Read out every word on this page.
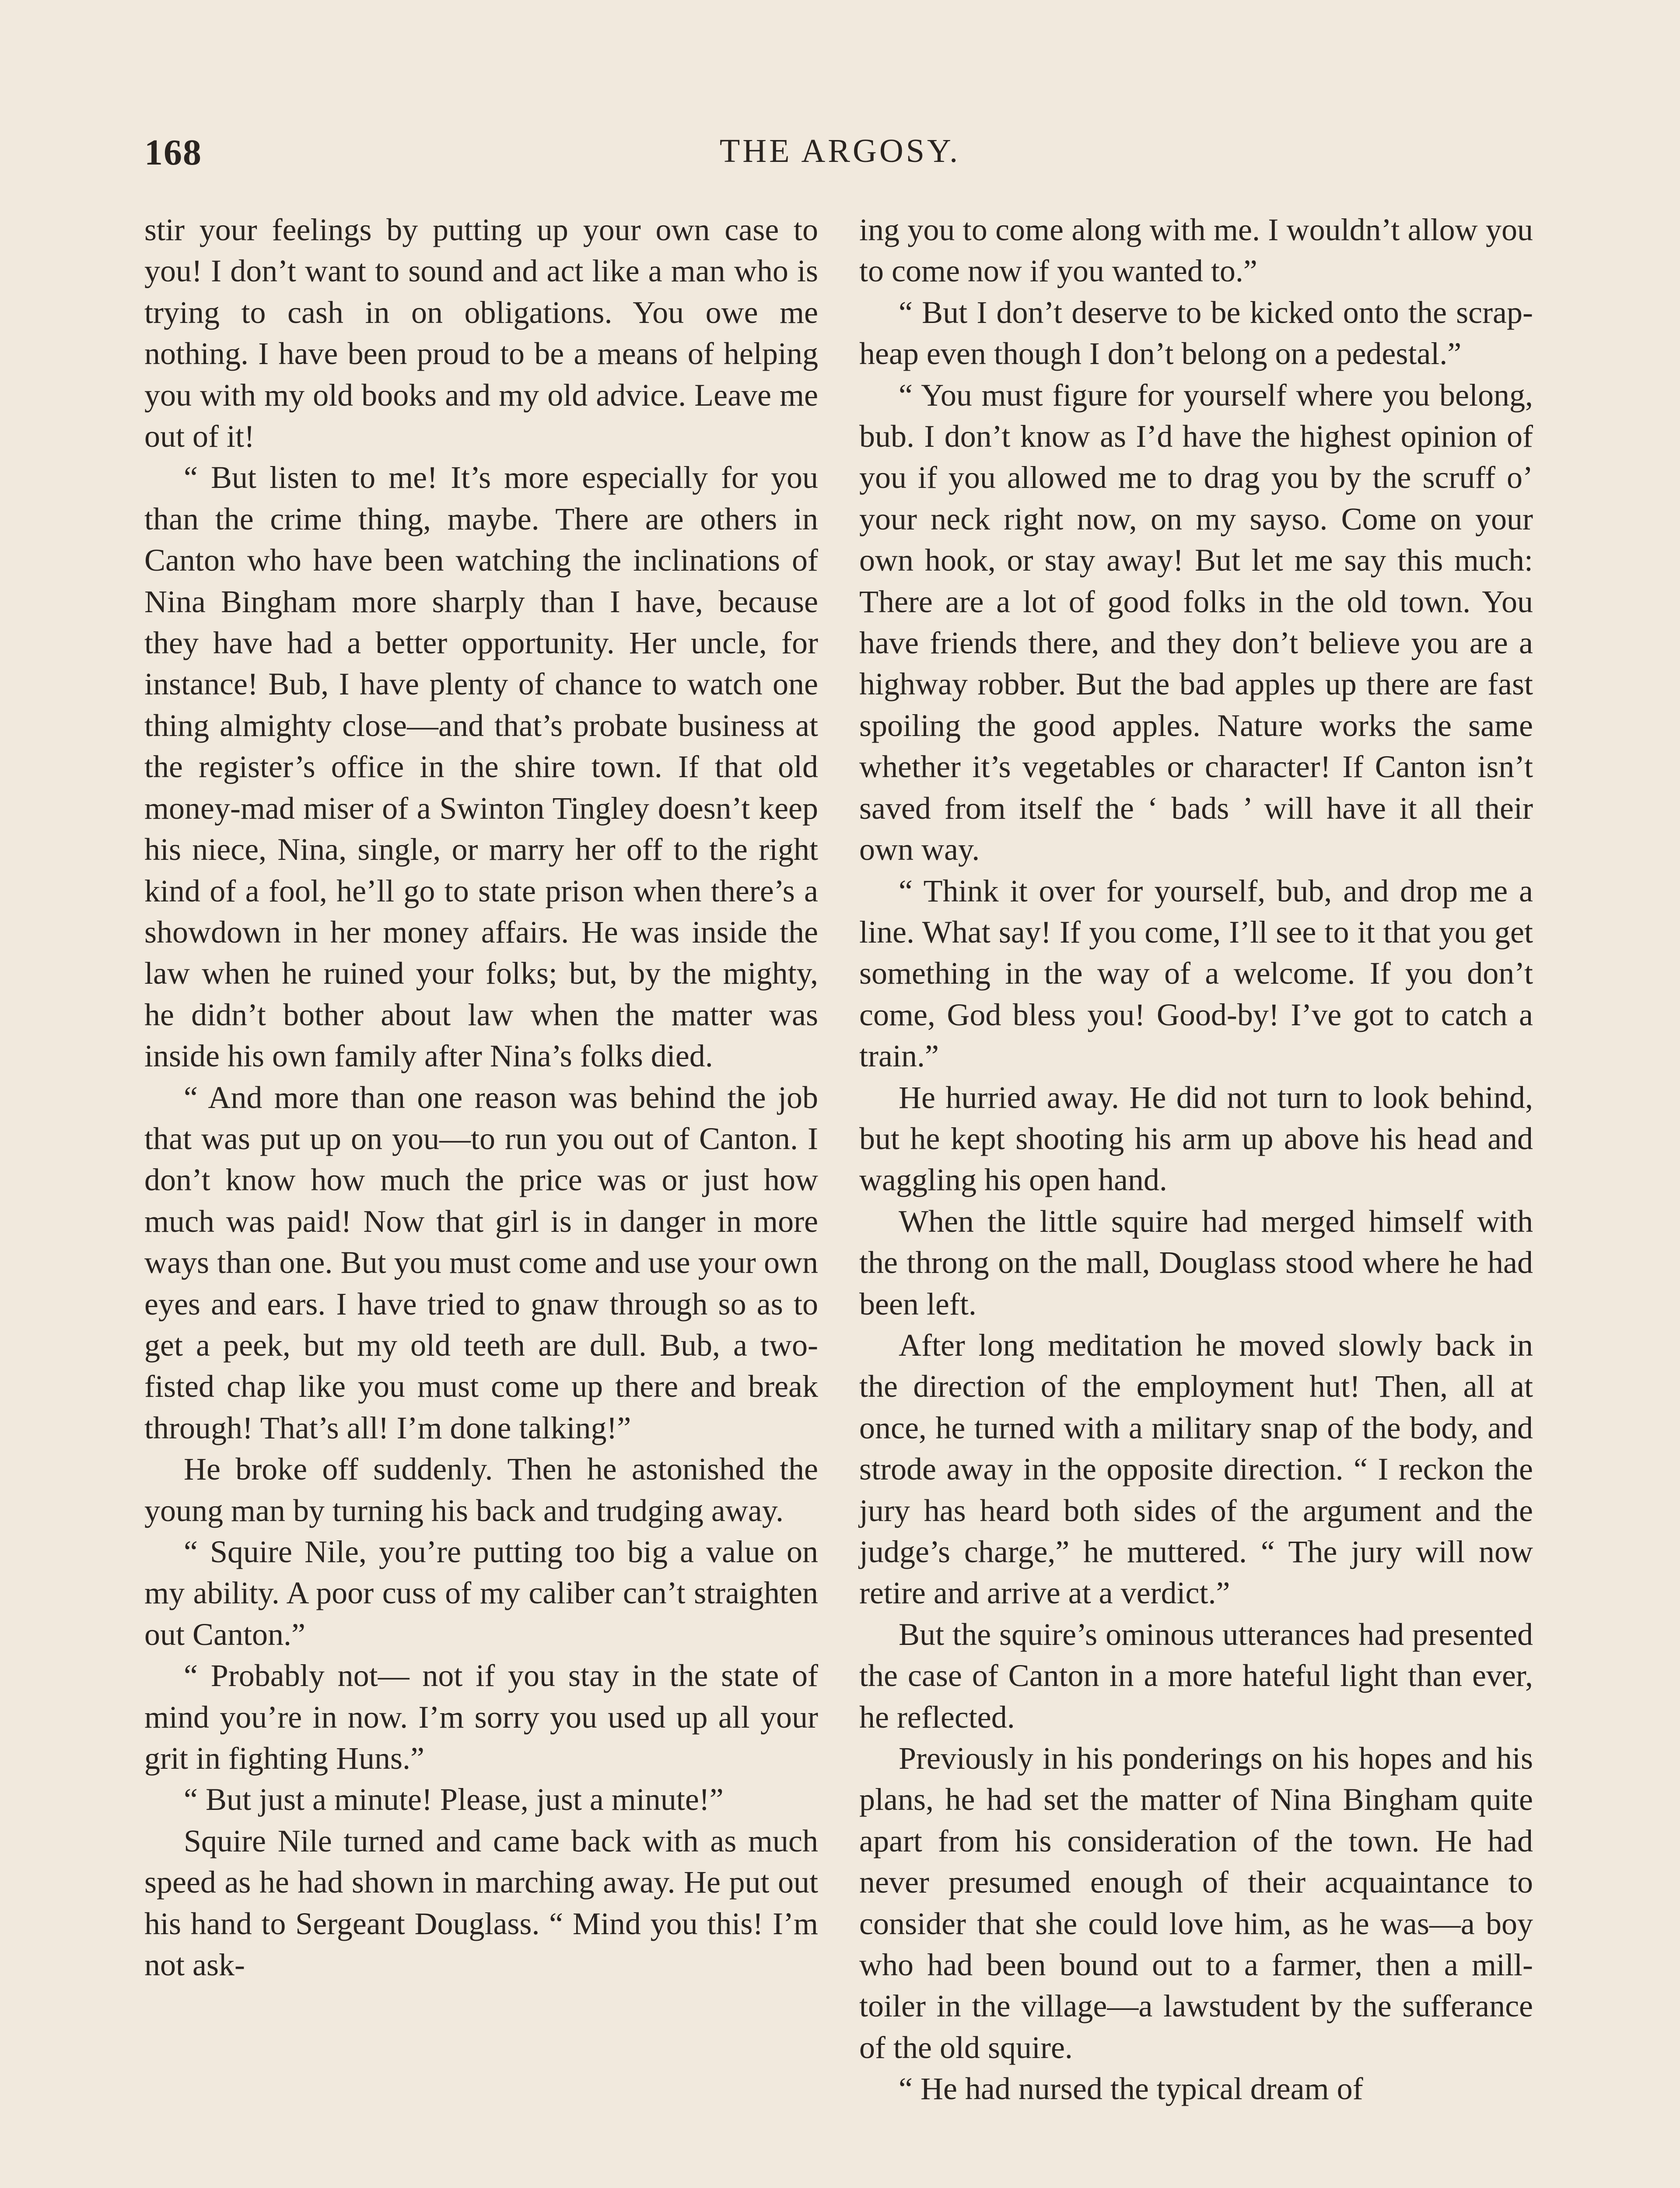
168	THE ARGOSY.

stir your feelings by putting up your own case to you! I don’t want to sound and act like a man who is trying to cash in on obligations. You owe me nothing. I have been proud to be a means of helping you with my old books and my old advice. Leave me out of it!

“ But listen to me! It’s more especially for you than the crime thing, maybe. There are others in Canton who have been watching the inclinations of Nina Bingham more sharply than I have, because they have had a better opportunity. Her uncle, for instance! Bub, I have plenty of chance to watch one thing almighty close—and that’s probate business at the register’s office in the shire town. If that old money-mad miser of a Swinton Tingley doesn’t keep his niece, Nina, single, or marry her off to the right kind of a fool, he’ll go to state prison when there’s a showdown in her money affairs. He was inside the law when he ruined your folks; but, by the mighty, he didn’t bother about law when the matter was inside his own family after Nina’s folks died.

“ And more than one reason was behind the job that was put up on you—to run you out of Canton. I don’t know how much the price was or just how much was paid! Now that girl is in danger in more ways than one. But you must come and use your own eyes and ears. I have tried to gnaw through so as to get a peek, but my old teeth are dull. Bub, a two-fisted chap like you must come up there and break through! That’s all! I’m done talking!”

He broke off suddenly. Then he astonished the young man by turning his back and trudging away.

“ Squire Nile, you’re putting too big a value on my ability. A poor cuss of my caliber can’t straighten out Canton.”

“ Probably not— not if you stay in the state of mind you’re in now. I’m sorry you used up all your grit in fighting Huns.”

“ But just a minute! Please, just a minute!”

Squire Nile turned and came back with as much speed as he had shown in marching away. He put out his hand to Sergeant Douglass. “ Mind you this! I’m not ask-

ing you to come along with me. I wouldn’t allow you to come now if you wanted to.”

“ But I don’t deserve to be kicked onto the scrap-heap even though I don’t belong on a pedestal.”

“ You must figure for yourself where you belong, bub. I don’t know as I’d have the highest opinion of you if you allowed me to drag you by the scruff o’ your neck right now, on my sayso. Come on your own hook, or stay away! But let me say this much: There are a lot of good folks in the old town. You have friends there, and they don’t believe you are a highway robber. But the bad apples up there are fast spoiling the good apples. Nature works the same whether it’s vegetables or character! If Canton isn’t saved from itself the ‘ bads ’ will have it all their own way.

“ Think it over for yourself, bub, and drop me a line. What say! If you come, I’ll see to it that you get something in the way of a welcome. If you don’t come, God bless you! Good-by! I’ve got to catch a train.”

He hurried away. He did not turn to look behind, but he kept shooting his arm up above his head and waggling his open hand.

When the little squire had merged himself with the throng on the mall, Douglass stood where he had been left.

After long meditation he moved slowly back in the direction of the employment hut! Then, all at once, he turned with a military snap of the body, and strode away in the opposite direction. “ I reckon the jury has heard both sides of the argument and the judge’s charge,” he muttered. “ The jury will now retire and arrive at a verdict.”

But the squire’s ominous utterances had presented the case of Canton in a more hateful light than ever, he reflected.

Previously in his ponderings on his hopes and his plans, he had set the matter of Nina Bingham quite apart from his consideration of the town. He had never presumed enough of their acquaintance to consider that she could love him, as he was—a boy who had been bound out to a farmer, then a mill-toiler in the village—a lawstudent by the sufferance of the old squire.

“ He had nursed the typical dream of
